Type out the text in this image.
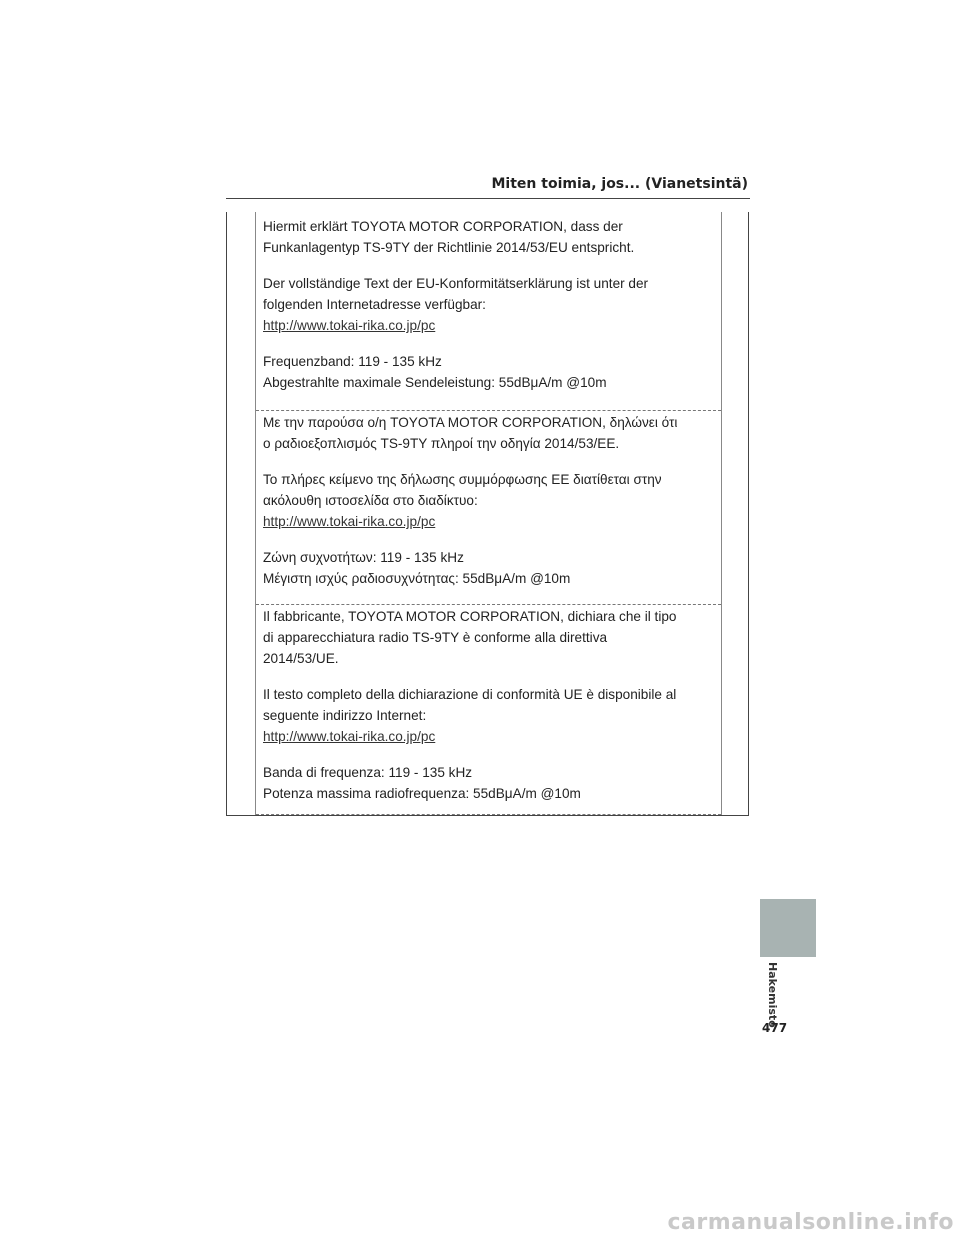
Miten toimia, jos... (Vianetsintä)

Hiermit erklärt TOYOTA MOTOR CORPORATION, dass der
Funkanlagentyp TS-9TY der Richtlinie 2014/53/EU entspricht.

Der vollständige Text der EU-Konformitätserklärung ist unter der
folgenden Internetadresse verfügbar:

http://www.tokai-rika.co.jp/pc

Frequenzband: 119 - 135 kHz
Abgestrahlte maximale Sendeleistung: 55dBμA/m @10m

Με την παρούσα ο/η TOYOTA MOTOR CORPORATION, δηλώνει ότι
ο ραδιοεξοπλισμός TS-9TY πληροί την οδηγία 2014/53/ΕΕ.

Το πλήρες κείμενο της δήλωσης συμμόρφωσης ΕΕ διατίθεται στην
ακόλουθη ιστοσελίδα στο διαδίκτυο:

http://www.tokai-rika.co.jp/pc

Ζώνη συχνοτήτων: 119 - 135 kHz
Μέγιστη ισχύς ραδιοσυχνότητας: 55dBμA/m @10m

Il fabbricante, TOYOTA MOTOR CORPORATION, dichiara che il tipo
di apparecchiatura radio TS-9TY è conforme alla direttiva
2014/53/UE.

Il testo completo della dichiarazione di conformità UE è disponibile al
seguente indirizzo Internet:

http://www.tokai-rika.co.jp/pc

Banda di frequenza: 119 - 135 kHz
Potenza massima radiofrequenza: 55dBμA/m @10m

Hakemisto
477
carmanualsonline.info
